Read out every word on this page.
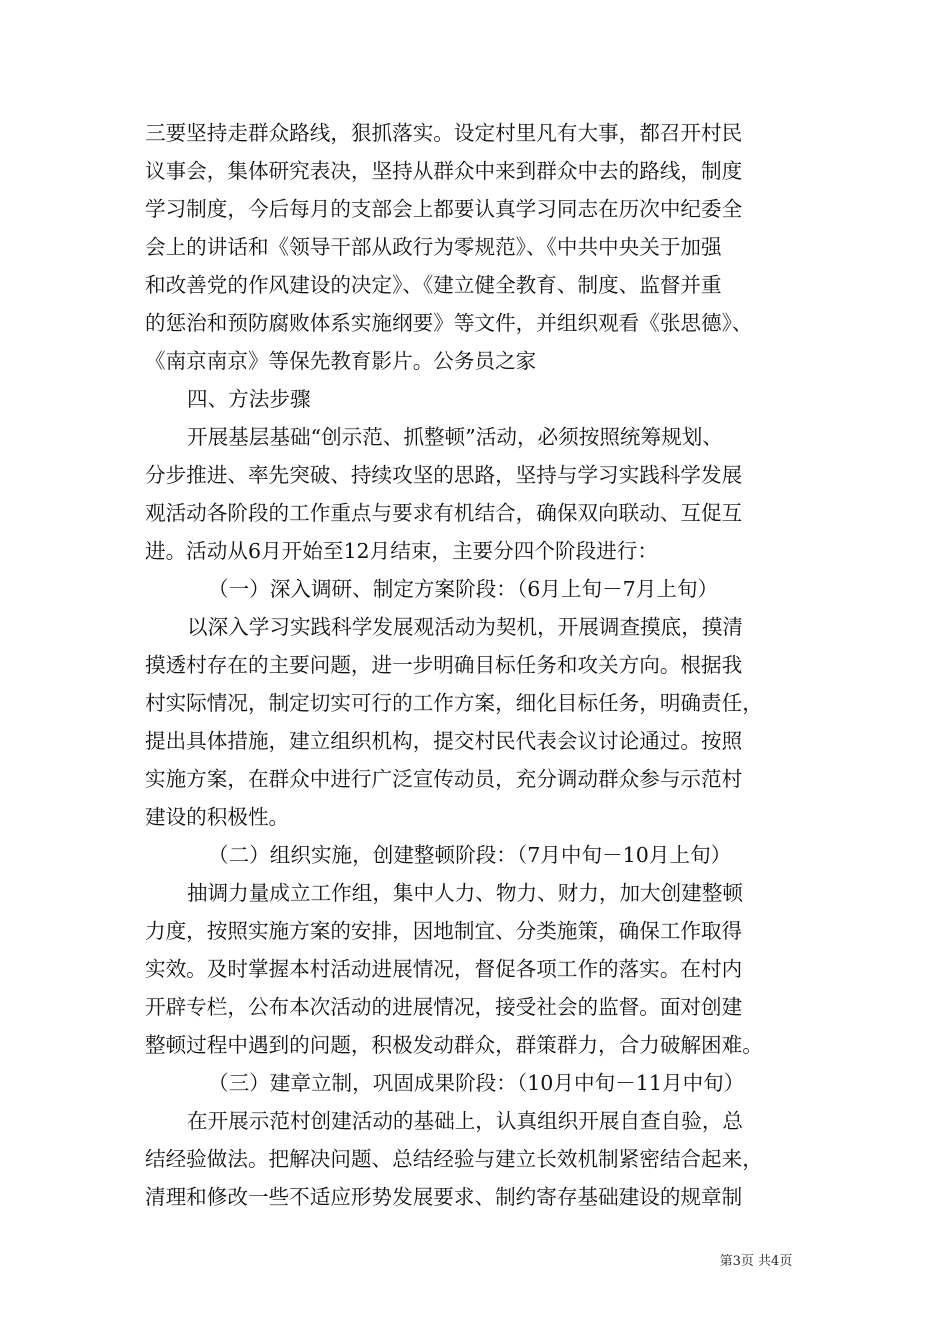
三要坚持走群众路线，狠抓落实。设定村里凡有大事，都召开村民
议事会，集体研究表决，坚持从群众中来到群众中去的路线，制度
学习制度，今后每月的支部会上都要认真学习同志在历次中纪委全
会上的讲话和《领导干部从政行为零规范》、《中共中央关于加强
和改善党的作风建设的决定》、《建立健全教育、制度、监督并重
的惩治和预防腐败体系实施纲要》等文件，并组织观看《张思德》、
《南京南京》等保先教育影片。公务员之家
四、方法步骤
开展基层基础“创示范、抓整顿”活动，必须按照统筹规划、
分步推进、率先突破、持续攻坚的思路，坚持与学习实践科学发展
观活动各阶段的工作重点与要求有机结合，确保双向联动、互促互
进。活动从6月开始至12月结束，主要分四个阶段进行：
（一）深入调研、制定方案阶段：（6月上旬－7月上旬）
以深入学习实践科学发展观活动为契机，开展调查摸底，摸清
摸透村存在的主要问题，进一步明确目标任务和攻关方向。根据我
村实际情况，制定切实可行的工作方案，细化目标任务，明确责任，
提出具体措施，建立组织机构，提交村民代表会议讨论通过。按照
实施方案，在群众中进行广泛宣传动员，充分调动群众参与示范村
建设的积极性。
（二）组织实施，创建整顿阶段：（7月中旬－10月上旬）
抽调力量成立工作组，集中人力、物力、财力，加大创建整顿
力度，按照实施方案的安排，因地制宜、分类施策，确保工作取得
实效。及时掌握本村活动进展情况，督促各项工作的落实。在村内
开辟专栏，公布本次活动的进展情况，接受社会的监督。面对创建
整顿过程中遇到的问题，积极发动群众，群策群力，合力破解困难。
（三）建章立制，巩固成果阶段：（10月中旬－11月中旬）
在开展示范村创建活动的基础上，认真组织开展自查自验，总
结经验做法。把解决问题、总结经验与建立长效机制紧密结合起来，
清理和修改一些不适应形势发展要求、制约寄存基础建设的规章制
第3页 共4页
